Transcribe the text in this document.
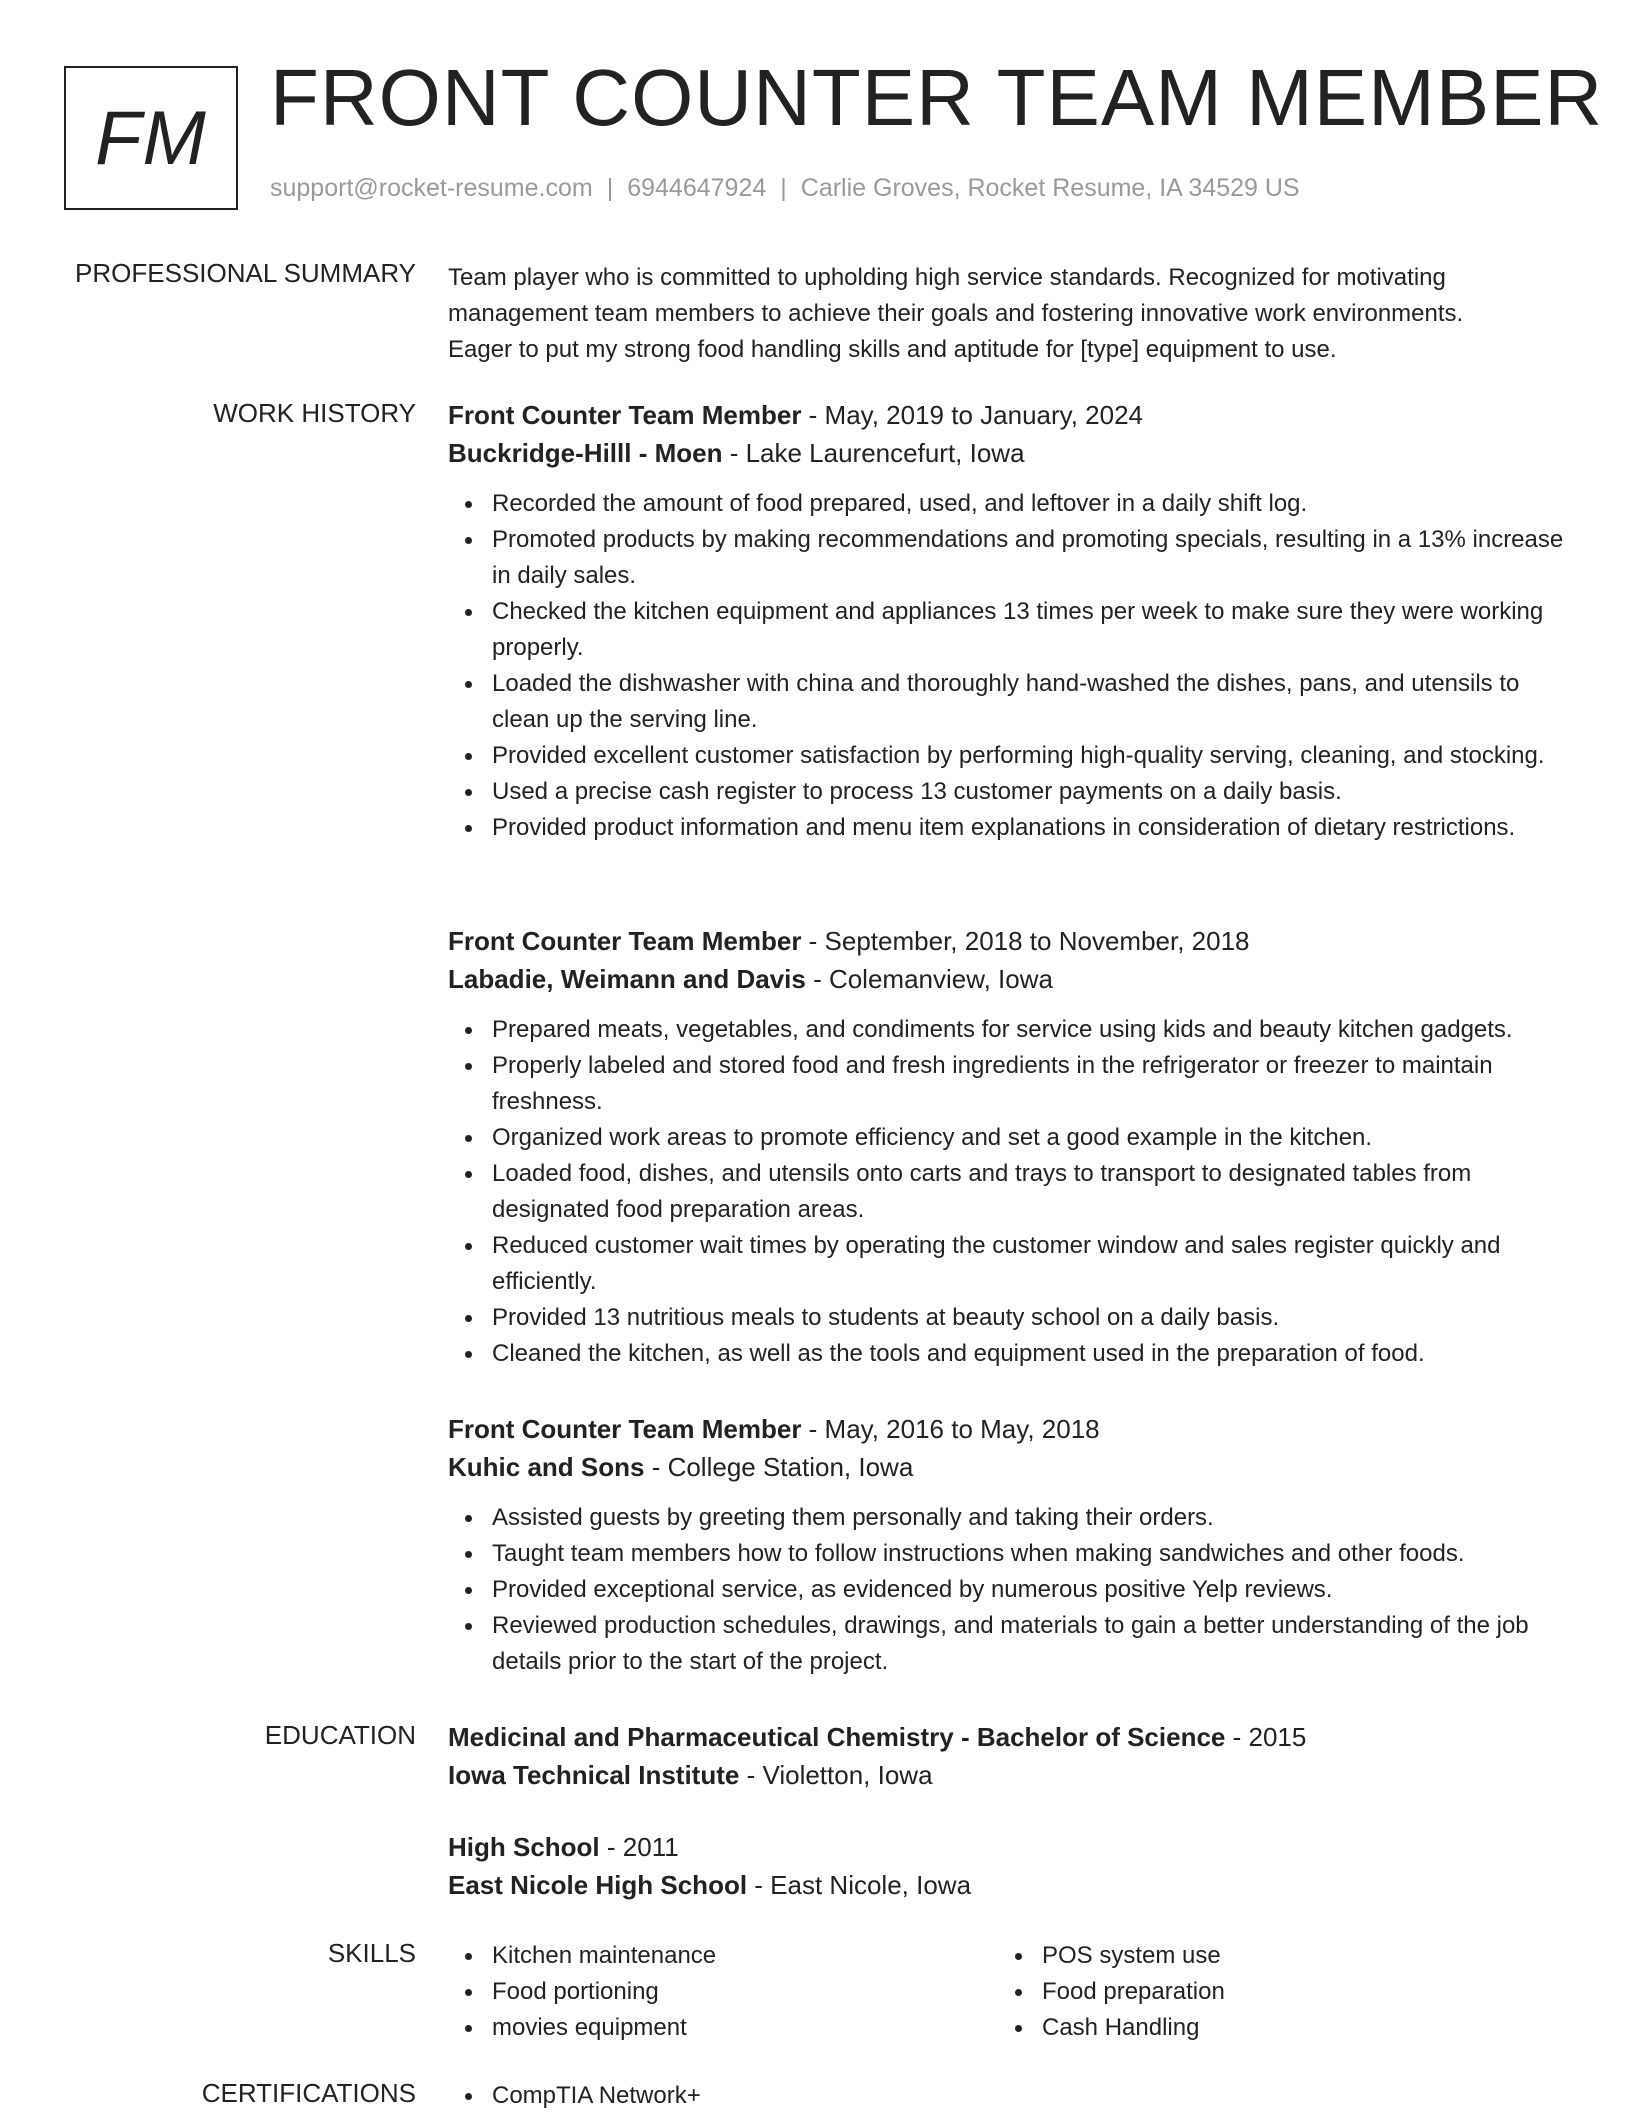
FM FRONT COUNTER TEAM MEMBER
support@rocket-resume.com | 6944647924 | Carlie Groves, Rocket Resume, IA 34529 US
PROFESSIONAL SUMMARY Team player who is committed to upholding high service standards. Recognized for motivating
management team members to achieve their goals and fostering innovative work environments.
Eager to put my strong food handling skills and aptitude for [type] equipment to use.
WORK HISTORY Front Counter Team Member - May, 2019 to January, 2024
Buckridge-Hilll - Moen - Lake Laurencefurt, Iowa
Recorded the amount of food prepared, used, and leftover in a daily shift log.
Promoted products by making recommendations and promoting specials, resulting in a 13% increase in daily sales.
Checked the kitchen equipment and appliances 13 times per week to make sure they were working properly.
Loaded the dishwasher with china and thoroughly hand-washed the dishes, pans, and utensils to clean up the serving line.
Provided excellent customer satisfaction by performing high-quality serving, cleaning, and stocking.
Used a precise cash register to process 13 customer payments on a daily basis.
Provided product information and menu item explanations in consideration of dietary restrictions.
Front Counter Team Member - September, 2018 to November, 2018
Labadie, Weimann and Davis - Colemanview, Iowa
Prepared meats, vegetables, and condiments for service using kids and beauty kitchen gadgets.
Properly labeled and stored food and fresh ingredients in the refrigerator or freezer to maintain freshness.
Organized work areas to promote efficiency and set a good example in the kitchen.
Loaded food, dishes, and utensils onto carts and trays to transport to designated tables from designated food preparation areas.
Reduced customer wait times by operating the customer window and sales register quickly and efficiently.
Provided 13 nutritious meals to students at beauty school on a daily basis.
Cleaned the kitchen, as well as the tools and equipment used in the preparation of food.
Front Counter Team Member - May, 2016 to May, 2018
Kuhic and Sons - College Station, Iowa
Assisted guests by greeting them personally and taking their orders.
Taught team members how to follow instructions when making sandwiches and other foods.
Provided exceptional service, as evidenced by numerous positive Yelp reviews.
Reviewed production schedules, drawings, and materials to gain a better understanding of the job details prior to the start of the project.
EDUCATION Medicinal and Pharmaceutical Chemistry - Bachelor of Science - 2015
Iowa Technical Institute - Violetton, Iowa
High School - 2011
East Nicole High School - East Nicole, Iowa
SKILLS	Kitchen maintenance
Food portioning
movies equipment
POS system use
Food preparation
Cash Handling
CERTIFICATIONS	CompTIA Network+
